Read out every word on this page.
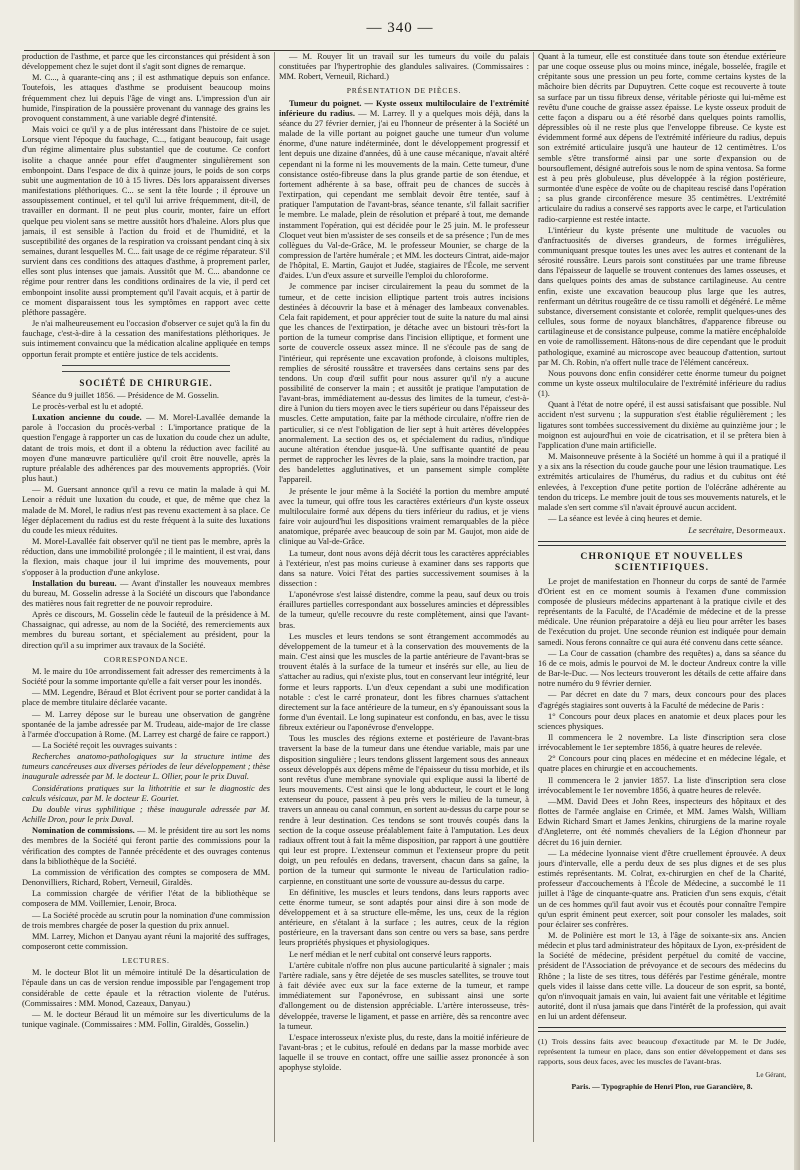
— 340 —

production de l'asthme, et parce que les circonstances qui président à son développement chez le sujet dont il s'agit sont dignes de remarque.

M. C..., à quarante-cinq ans ; il est asthmatique depuis son enfance. Toutefois, les attaques d'asthme se produisent beaucoup moins fréquemment chez lui depuis l'âge de vingt ans. L'impression d'un air humide, l'inspiration de la poussière provenant du vannage des grains les provoquent constamment, à une variable degré d'intensité.

Mais voici ce qu'il y a de plus intéressant dans l'histoire de ce sujet. Lorsque vient l'époque du fauchage, C..., fatigant beaucoup, fait usage d'un régime alimentaire plus substantiel que de coutume. Ce confort isolite a chaque année pour effet d'augmenter singulièrement son embonpoint. Dans l'espace de dix à quinze jours, le poids de son corps subit une augmentation de 10 à 15 livres. Dès lors apparaissent diverses manifestations pléthoriques. C... se sent la tête lourde ; il éprouve un assoupissement continuel, et tel qu'il lui arrive fréquemment, dit-il, de travailler en dormant. Il ne peut plus courir, monter, faire un effort quelque peu violent sans se mettre aussitôt hors d'haleine. Alors plus que jamais, il est sensible à l'action du froid et de l'humidité, et la susceptibilité des organes de la respiration va croissant pendant cinq à six semaines, durant lesquelles M. C... fait usage de ce régime réparateur. S'il survient dans ces conditions des attaques d'asthme, à proprement parler, elles sont plus intenses que jamais. Aussitôt que M. C... abandonne ce régime pour rentrer dans les conditions ordinaires de la vie, il perd cet embonpoint insolite aussi promptement qu'il l'avait acquis, et à partir de ce moment disparaissent tous les symptômes en rapport avec cette pléthore passagère.

Je n'ai malheureusement eu l'occasion d'observer ce sujet qu'à la fin du fauchage, c'est-à-dire à la cessation des manifestations pléthoriques. Je suis intimement convaincu que la médication alcaline appliquée en temps opportun ferait prompte et entière justice de tels accidents.

SOCIÉTÉ DE CHIRURGIE.

Séance du 9 juillet 1856. — Présidence de M. Gosselin.

Le procès-verbal est lu et adopté.

Luxation ancienne du coude. — M. Morel-Lavallée demande la parole à l'occasion du procès-verbal : L'importance pratique de la question l'engage à rapporter un cas de luxation du coude chez un adulte, datant de trois mois, et dont il a obtenu la réduction avec facilité au moyen d'une manœuvre particulière qu'il croit être nouvelle, après la rupture préalable des adhérences par des mouvements appropriés. (Voir plus haut.)

— M. Guersant annonce qu'il a revu ce matin la malade à qui M. Lenoir a réduit une luxation du coude, et que, de même que chez la malade de M. Morel, le radius n'est pas revenu exactement à sa place. Ce léger déplacement du radius est du reste fréquent à la suite des luxations du coude les mieux réduites.

M. Morel-Lavallée fait observer qu'il ne tient pas le membre, après la réduction, dans une immobilité prolongée ; il le maintient, il est vrai, dans la flexion, mais chaque jour il lui imprime des mouvements, pour s'opposer à la production d'une ankylose.

Installation du bureau. — Avant d'installer les nouveaux membres du bureau, M. Gosselin adresse à la Société un discours que l'abondance des matières nous fait regretter de ne pouvoir reproduire.

Après ce discours, M. Gosselin cède le fauteuil de la présidence à M. Chassaignac, qui adresse, au nom de la Société, des remerciements aux membres du bureau sortant, et spécialement au président, pour la direction qu'il a su imprimer aux travaux de la Société.

CORRESPONDANCE.

M. le maire du 10e arrondissement fait adresser des remerciments à la Société pour la somme importante qu'elle a fait verser pour les inondés.

— MM. Legendre, Béraud et Blot écrivent pour se porter candidat à la place de membre titulaire déclarée vacante.

— M. Larrey dépose sur le bureau une observation de gangrène spontanée de la jambe adressée par M. Trudeau, aide-major de 1re classe à l'armée d'occupation à Rome. (M. Larrey est chargé de faire ce rapport.)

— La Société reçoit les ouvrages suivants :

Recherches anatomo-pathologiques sur la structure intime des tumeurs cancéreuses aux diverses périodes de leur développement ; thèse inaugurale adressée par M. le docteur L. Ollier, pour le prix Duval.

Considérations pratiques sur la lithotritie et sur le diagnostic des calculs vésicaux, par M. le docteur E. Gouriet.

Du double virus syphilitique ; thèse inaugurale adressée par M. Achille Dron, pour le prix Duval.

Nomination de commissions. — M. le président tire au sort les noms des membres de la Société qui feront partie des commissions pour la vérification des comptes de l'année précédente et des ouvrages contenus dans la bibliothèque de la Société.

La commission de vérification des comptes se composera de MM. Denonvilliers, Richard, Robert, Verneuil, Giraldès.

La commission chargée de vérifier l'état de la bibliothèque se composera de MM. Voillemier, Lenoir, Broca.

— La Société procède au scrutin pour la nomination d'une commission de trois membres chargée de poser la question du prix annuel.

MM. Larrey, Michon et Danyau ayant réuni la majorité des suffrages, composeront cette commission.

LECTURES.

M. le docteur Blot lit un mémoire intitulé De la désarticulation de l'épaule dans un cas de version rendue impossible par l'engagement trop considérable de cette épaule et la rétraction violente de l'utérus. (Commissaires : MM. Monod, Cazeaux, Danyau.)

— M. le docteur Béraud lit un mémoire sur les diverticulums de la tunique vaginale. (Commissaires : MM. Follin, Giraldès, Gosselin.)

— M. Rouyer lit un travail sur les tumeurs du voile du palais constituées par l'hypertrophie des glandules salivaires. (Commissaires : MM. Robert, Verneuil, Richard.)

PRÉSENTATION DE PIÈCES.

Tumeur du poignet. — Kyste osseux multiloculaire de l'extrémité inférieure du radius. — M. Larrey. Il y a quelques mois déjà, dans la séance du 27 février dernier, j'ai eu l'honneur de présenter à la Société un malade de la ville portant au poignet gauche une tumeur d'un volume énorme, d'une nature indéterminée, dont le développement progressif et lent depuis une dizaine d'années, dû à une cause mécanique, n'avait altéré cependant ni la forme ni les mouvements de la main. Cette tumeur, d'une consistance ostéo-fibreuse dans la plus grande partie de son étendue, et fortement adhérente à sa base, offrait peu de chances de succès à l'extirpation, qui cependant me semblait devoir être tentée, sauf à pratiquer l'amputation de l'avant-bras, séance tenante, s'il fallait sacrifier le membre. Le malade, plein de résolution et préparé à tout, me demande instamment l'opération, qui est décidée pour le 25 juin. M. le professeur Cloquet veut bien m'assister de ses conseils et de sa présence ; l'un de mes collègues du Val-de-Grâce, M. le professeur Mounier, se charge de la compression de l'artère humérale ; et MM. les docteurs Cintrat, aide-major de l'hôpital, E. Martin, Gaujot et Judée, stagiaires de l'École, me servent d'aides. L'un d'eux assure et surveille l'emploi du chloroforme.

Je commence par inciser circulairement la peau du sommet de la tumeur, et de cette incision elliptique partent trois autres incisions destinées à découvrir la base et à ménager des lambeaux convenables. Cela fait rapidement, et pour apprécier tout de suite la nature du mal ainsi que les chances de l'extirpation, je détache avec un bistouri très-fort la portion de la tumeur comprise dans l'incision elliptique, et forment une sorte de couvercle osseux assez mince. Il ne s'écoule pas de sang de l'intérieur, qui représente une excavation profonde, à cloisons multiples, remplies de sérosité roussâtre et traversées dans certains sens par des tendons. Un coup d'œil suffit pour nous assurer qu'il n'y a aucune possibilité de conserver la main ; et aussitôt je pratique l'amputation de l'avant-bras, immédiatement au-dessus des limites de la tumeur, c'est-à-dire à l'union du tiers moyen avec le tiers supérieur ou dans l'épaisseur des muscles. Cette amputation, faite par la méthode circulaire, n'offre rien de particulier, si ce n'est l'obligation de lier sept à huit artères développées anormalement. La section des os, et spécialement du radius, n'indique aucune altération étendue jusque-là. Une suffisante quantité de peau permet de rapprocher les lèvres de la plaie, sans la moindre traction, par des bandelettes agglutinatives, et un pansement simple complète l'appareil.

Je présente le jour même à la Société la portion du membre amputé avec la tumeur, qui offre tous les caractères extérieurs d'un kyste osseux multiloculaire formé aux dépens du tiers inférieur du radius, et je viens faire voir aujourd'hui les dispositions vraiment remarquables de la pièce anatomique, préparée avec beaucoup de soin par M. Gaujot, mon aide de clinique au Val-de-Grâce.

La tumeur, dont nous avons déjà décrit tous les caractères appréciables à l'extérieur, n'est pas moins curieuse à examiner dans ses rapports que dans sa nature. Voici l'état des parties successivement soumises à la dissection :

L'aponévrose s'est laissé distendre, comme la peau, sauf deux ou trois éraillures partielles correspondant aux bosselures amincies et dépressibles de la tumeur, qu'elle recouvre du reste complètement, ainsi que l'avant-bras.

Les muscles et leurs tendons se sont étrangement accommodés au développement de la tumeur et à la conservation des mouvements de la main. C'est ainsi que les muscles de la partie antérieure de l'avant-bras se trouvent étalés à la surface de la tumeur et insérés sur elle, au lieu de s'attacher au radius, qui n'existe plus, tout en conservant leur intégrité, leur forme et leurs rapports. L'un d'eux cependant a subi une modification notable : c'est le carré pronateur, dont les fibres charnues s'attachent directement sur la face antérieure de la tumeur, en s'y épanouissant sous la forme d'un éventail. Le long supinateur est confondu, en bas, avec le tissu fibreux extérieur ou l'aponévrose d'enveloppe.

Tous les muscles des régions externe et postérieure de l'avant-bras traversent la base de la tumeur dans une étendue variable, mais par une disposition singulière ; leurs tendons glissent largement sous des anneaux osseux développés aux dépens même de l'épaisseur du tissu morbide, et ils sont revêtus d'une membrane synoviale qui explique aussi la liberté de leurs mouvements. C'est ainsi que le long abducteur, le court et le long extenseur du pouce, passent à peu près vers le milieu de la tumeur, à travers un anneau ou canal commun, en sortent au-dessus du carpe pour se rendre à leur destination. Ces tendons se sont trouvés coupés dans la section de la coque osseuse préalablement faite à l'amputation. Les deux radiaux offrent tout à fait la même disposition, par rapport à une gouttière qui leur est propre. L'extenseur commun et l'extenseur propre du petit doigt, un peu refoulés en dedans, traversent, chacun dans sa gaîne, la portion de la tumeur qui surmonte le niveau de l'articulation radio-carpienne, en constituant une sorte de voussure au-dessus du carpe.

En définitive, les muscles et leurs tendons, dans leurs rapports avec cette énorme tumeur, se sont adaptés pour ainsi dire à son mode de développement et à sa structure elle-même, les uns, ceux de la région antérieure, en s'étalant à la surface ; les autres, ceux de la région postérieure, en la traversant dans son centre ou vers sa base, sans perdre leurs propriétés physiques et physiologiques.

Le nerf médian et le nerf cubital ont conservé leurs rapports.

L'artère cubitale n'offre non plus aucune particularité à signaler ; mais l'artère radiale, sans y être déjetée de ses muscles satellites, se trouve tout à fait déviée avec eux sur la face externe de la tumeur, et rampe immédiatement sur l'aponévrose, en subissant ainsi une sorte d'allongement ou de distension appréciable. L'artère interosseuse, très-développée, traverse le ligament, et passe en arrière, dès sa rencontre avec la tumeur.

L'espace interosseux n'existe plus, du reste, dans la moitié inférieure de l'avant-bras ; et le cubitus, refoulé en dedans par la masse morbide avec laquelle il se trouve en contact, offre une saillie assez prononcée à son apophyse styloïde.

Quant à la tumeur, elle est constituée dans toute son étendue extérieure par une coque osseuse plus ou moins mince, inégale, bosselée, fragile et crépitante sous une pression un peu forte, comme certains kystes de la mâchoire bien décrits par Dupuytren. Cette coque est recouverte à toute sa surface par un tissu fibreux dense, véritable périoste qui lui-même est revêtu d'une couche de graisse assez épaisse. Le kyste osseux produit de cette façon a disparu ou a été résorbé dans quelques points ramollis, dépressibles où il ne reste plus que l'enveloppe fibreuse. Ce kyste est évidemment formé aux dépens de l'extrémité inférieure du radius, depuis son extrémité articulaire jusqu'à une hauteur de 12 centimètres. L'os semble s'être transformé ainsi par une sorte d'expansion ou de boursouflement, désigné autrefois sous le nom de spina ventosa. Sa forme est à peu près globuleuse, plus développée à la région postérieure, surmontée d'une espèce de voûte ou de chapiteau rescisé dans l'opération ; sa plus grande circonférence mesure 35 centimètres. L'extrémité articulaire du radius a conservé ses rapports avec le carpe, et l'articulation radio-carpienne est restée intacte.

L'intérieur du kyste présente une multitude de vacuoles ou d'anfractuosités de diverses grandeurs, de formes irrégulières, communiquant presque toutes les unes avec les autres et contenant de la sérosité roussâtre. Leurs parois sont constituées par une trame fibreuse dans l'épaisseur de laquelle se trouvent contenues des lames osseuses, et dans quelques points des amas de substance cartilagineuse. Au centre enfin, existe une excavation beaucoup plus large que les autres, renfermant un détritus rougeâtre de ce tissu ramolli et dégénéré. Le même substance, diversement consistante et colorée, remplit quelques-unes des cellules, sous forme de noyaux blanchâtres, d'apparence fibreuse ou cartilagineuse et de consistance pulpeuse, comme la matière encéphaloïde en voie de ramollissement. Hâtons-nous de dire cependant que le produit pathologique, examiné au microscope avec beaucoup d'attention, surtout par M. Ch. Robin, n'a offert nulle trace de l'élément cancéreux.

Nous pouvons donc enfin considérer cette énorme tumeur du poignet comme un kyste osseux multiloculaire de l'extrémité inférieure du radius (1).

Quant à l'état de notre opéré, il est aussi satisfaisant que possible. Nul accident n'est survenu ; la suppuration s'est établie régulièrement ; les ligatures sont tombées successivement du dixième au quinzième jour ; le moignon est aujourd'hui en voie de cicatrisation, et il se prêtera bien à l'application d'une main artificielle.

M. Maisonneuve présente à la Société un homme à qui il a pratiqué il y a six ans la résection du coude gauche pour une lésion traumatique. Les extrémités articulaires de l'humérus, du radius et du cubitus ont été enlevées, à l'exception d'une petite portion de l'olécrâne adhérente au tendon du triceps. Le membre jouit de tous ses mouvements naturels, et le malade s'en sert comme s'il n'avait éprouvé aucun accident.

— La séance est levée à cinq heures et demie.

Le secrétaire, Desormeaux.
CHRONIQUE ET NOUVELLES SCIENTIFIQUES.

Le projet de manifestation en l'honneur du corps de santé de l'armée d'Orient est en ce moment soumis à l'examen d'une commission composée de plusieurs médecins appartenant à la pratique civile et des représentants de la Faculté, de l'Académie de médecine et de la presse médicale. Une réunion préparatoire a déjà eu lieu pour arrêter les bases de l'exécution du projet. Une seconde réunion est indiquée pour demain samedi. Nous ferons connaître ce qui aura été convenu dans cette séance.

— La Cour de cassation (chambre des requêtes) a, dans sa séance du 16 de ce mois, admis le pourvoi de M. le docteur Andreux contre la ville de Bar-le-Duc. — Nos lecteurs trouveront les détails de cette affaire dans notre numéro du 9 février dernier.

— Par décret en date du 7 mars, deux concours pour des places d'agrégés stagiaires sont ouverts à la Faculté de médecine de Paris :

1° Concours pour deux places en anatomie et deux places pour les sciences physiques.

Il commencera le 2 novembre. La liste d'inscription sera close irrévocablement le 1er septembre 1856, à quatre heures de relevée.

2° Concours pour cinq places en médecine et en médecine légale, et quatre places en chirurgie et en accouchements.

Il commencera le 2 janvier 1857. La liste d'inscription sera close irrévocablement le 1er novembre 1856, à quatre heures de relevée.

—MM. David Dees et John Rees, inspecteurs des hôpitaux et des flottes de l'armée anglaise en Crimée, et MM. James Walsh, William Edwin Richard Smart et James Jenkins, chirurgiens de la marine royale d'Angleterre, ont été nommés chevaliers de la Légion d'honneur par décret du 16 juin dernier.

— La médecine lyonnaise vient d'être cruellement éprouvée. A deux jours d'intervalle, elle a perdu deux de ses plus dignes et de ses plus estimés représentants. M. Colrat, ex-chirurgien en chef de la Charité, professeur d'accouchements à l'École de Médecine, a succombé le 11 juillet à l'âge de cinquante-quatre ans. Praticien d'un sens exquis, c'était un de ces hommes qu'il faut avoir vus et écoutés pour connaître l'empire qu'un esprit éminent peut exercer, soit pour consoler les malades, soit pour éclairer ses confrères.

M. de Polinière est mort le 13, à l'âge de soixante-six ans. Ancien médecin et plus tard administrateur des hôpitaux de Lyon, ex-président de la Société de médecine, président perpétuel du comité de vaccine, président de l'Association de prévoyance et de secours des médecins du Rhône ; la liste de ses titres, tous déférés par l'estime générale, montre quels vides il laisse dans cette ville. La douceur de son esprit, sa bonté, qu'on n'invoquait jamais en vain, lui avaient fait une véritable et légitime autorité, dont il n'usa jamais que dans l'intérêt de la profession, qui avait en lui un ardent défenseur.

(1) Trois dessins faits avec beaucoup d'exactitude par M. le Dr Judée, représentent la tumeur en place, dans son entier développement et dans ses rapports, sous deux faces, avec les muscles de l'avant-bras.
Le Gérant,
Paris. — Typographie de Henri Plon, rue Garancière, 8.
